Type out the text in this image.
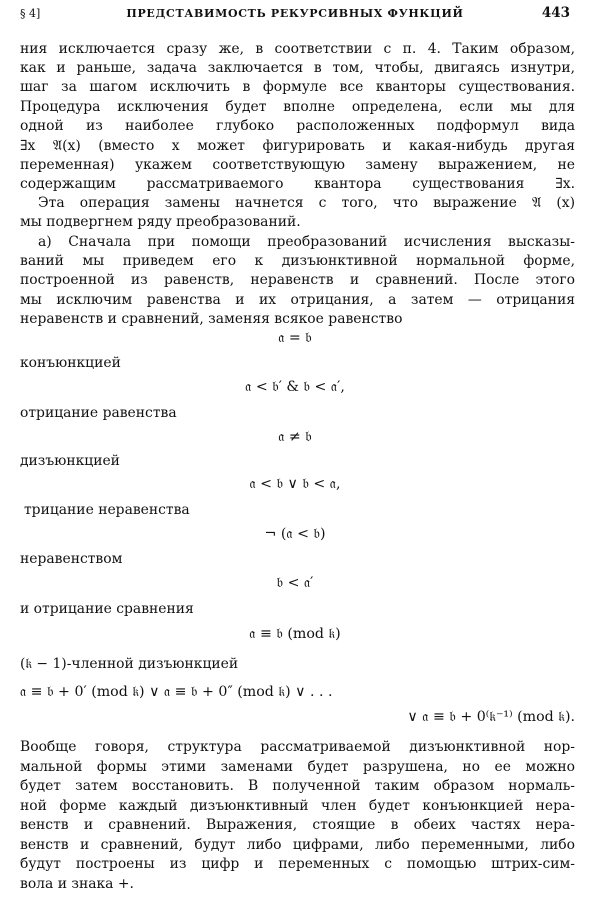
§ 4]	ПРЕДСТАВИМОСТЬ РЕКУРСИВНЫХ ФУНКЦИЙ	443
ния исключается сразу же, в соответствии с п. 4. Таким образом,
как и раньше, задача заключается в том, чтобы, двигаясь изнутри,
шаг за шагом исключить в формуле все кванторы существования.
Процедура исключения будет вполне определена, если мы для
одной из наиболее глубоко расположенных подформул вида
∃x 𝔄(x) (вместо x может фигурировать и какая-нибудь другая
переменная) укажем соответствующую замену выражением, не
содержащим рассматриваемого квантора существования ∃x.
Эта операция замены начнется с того, что выражение 𝔄 (x)
мы подвергнем ряду преобразований.
а) Сначала при помощи преобразований исчисления высказы-
ваний мы приведем его к дизъюнктивной нормальной форме,
построенной из равенств, неравенств и сравнений. После этого
мы исключим равенства и их отрицания, а затем — отрицания
неравенств и сравнений, заменяя всякое равенство
𝔞 = 𝔟
конъюнкцией
𝔞 < 𝔟′ & 𝔟 < 𝔞′,
отрицание равенства
𝔞 ≠ 𝔟
дизъюнкцией
𝔞 < 𝔟 ∨ 𝔟 < 𝔞,
трицание неравенства
¬ (𝔞 < 𝔟)
неравенством
𝔟 < 𝔞′
и отрицание сравнения
𝔞 ≡ 𝔟 (mod 𝔨)
(𝔨 − 1)-членной дизъюнкцией
𝔞 ≡ 𝔟 + 0′ (mod 𝔨) ∨ 𝔞 ≡ 𝔟 + 0″ (mod 𝔨) ∨ . . .
∨ 𝔞 ≡ 𝔟 + 0⁽𝔨⁻¹⁾ (mod 𝔨).
Вообще говоря, структура рассматриваемой дизъюнктивной нор-
мальной формы этими заменами будет разрушена, но ее можно
будет затем восстановить. В полученной таким образом нормаль-
ной форме каждый дизъюнктивный член будет конъюнкцией нера-
венств и сравнений. Выражения, стоящие в обеих частях нера-
венств и сравнений, будут либо цифрами, либо переменными, либо
будут построены из цифр и переменных с помощью штрих-сим-
вола и знака +.
